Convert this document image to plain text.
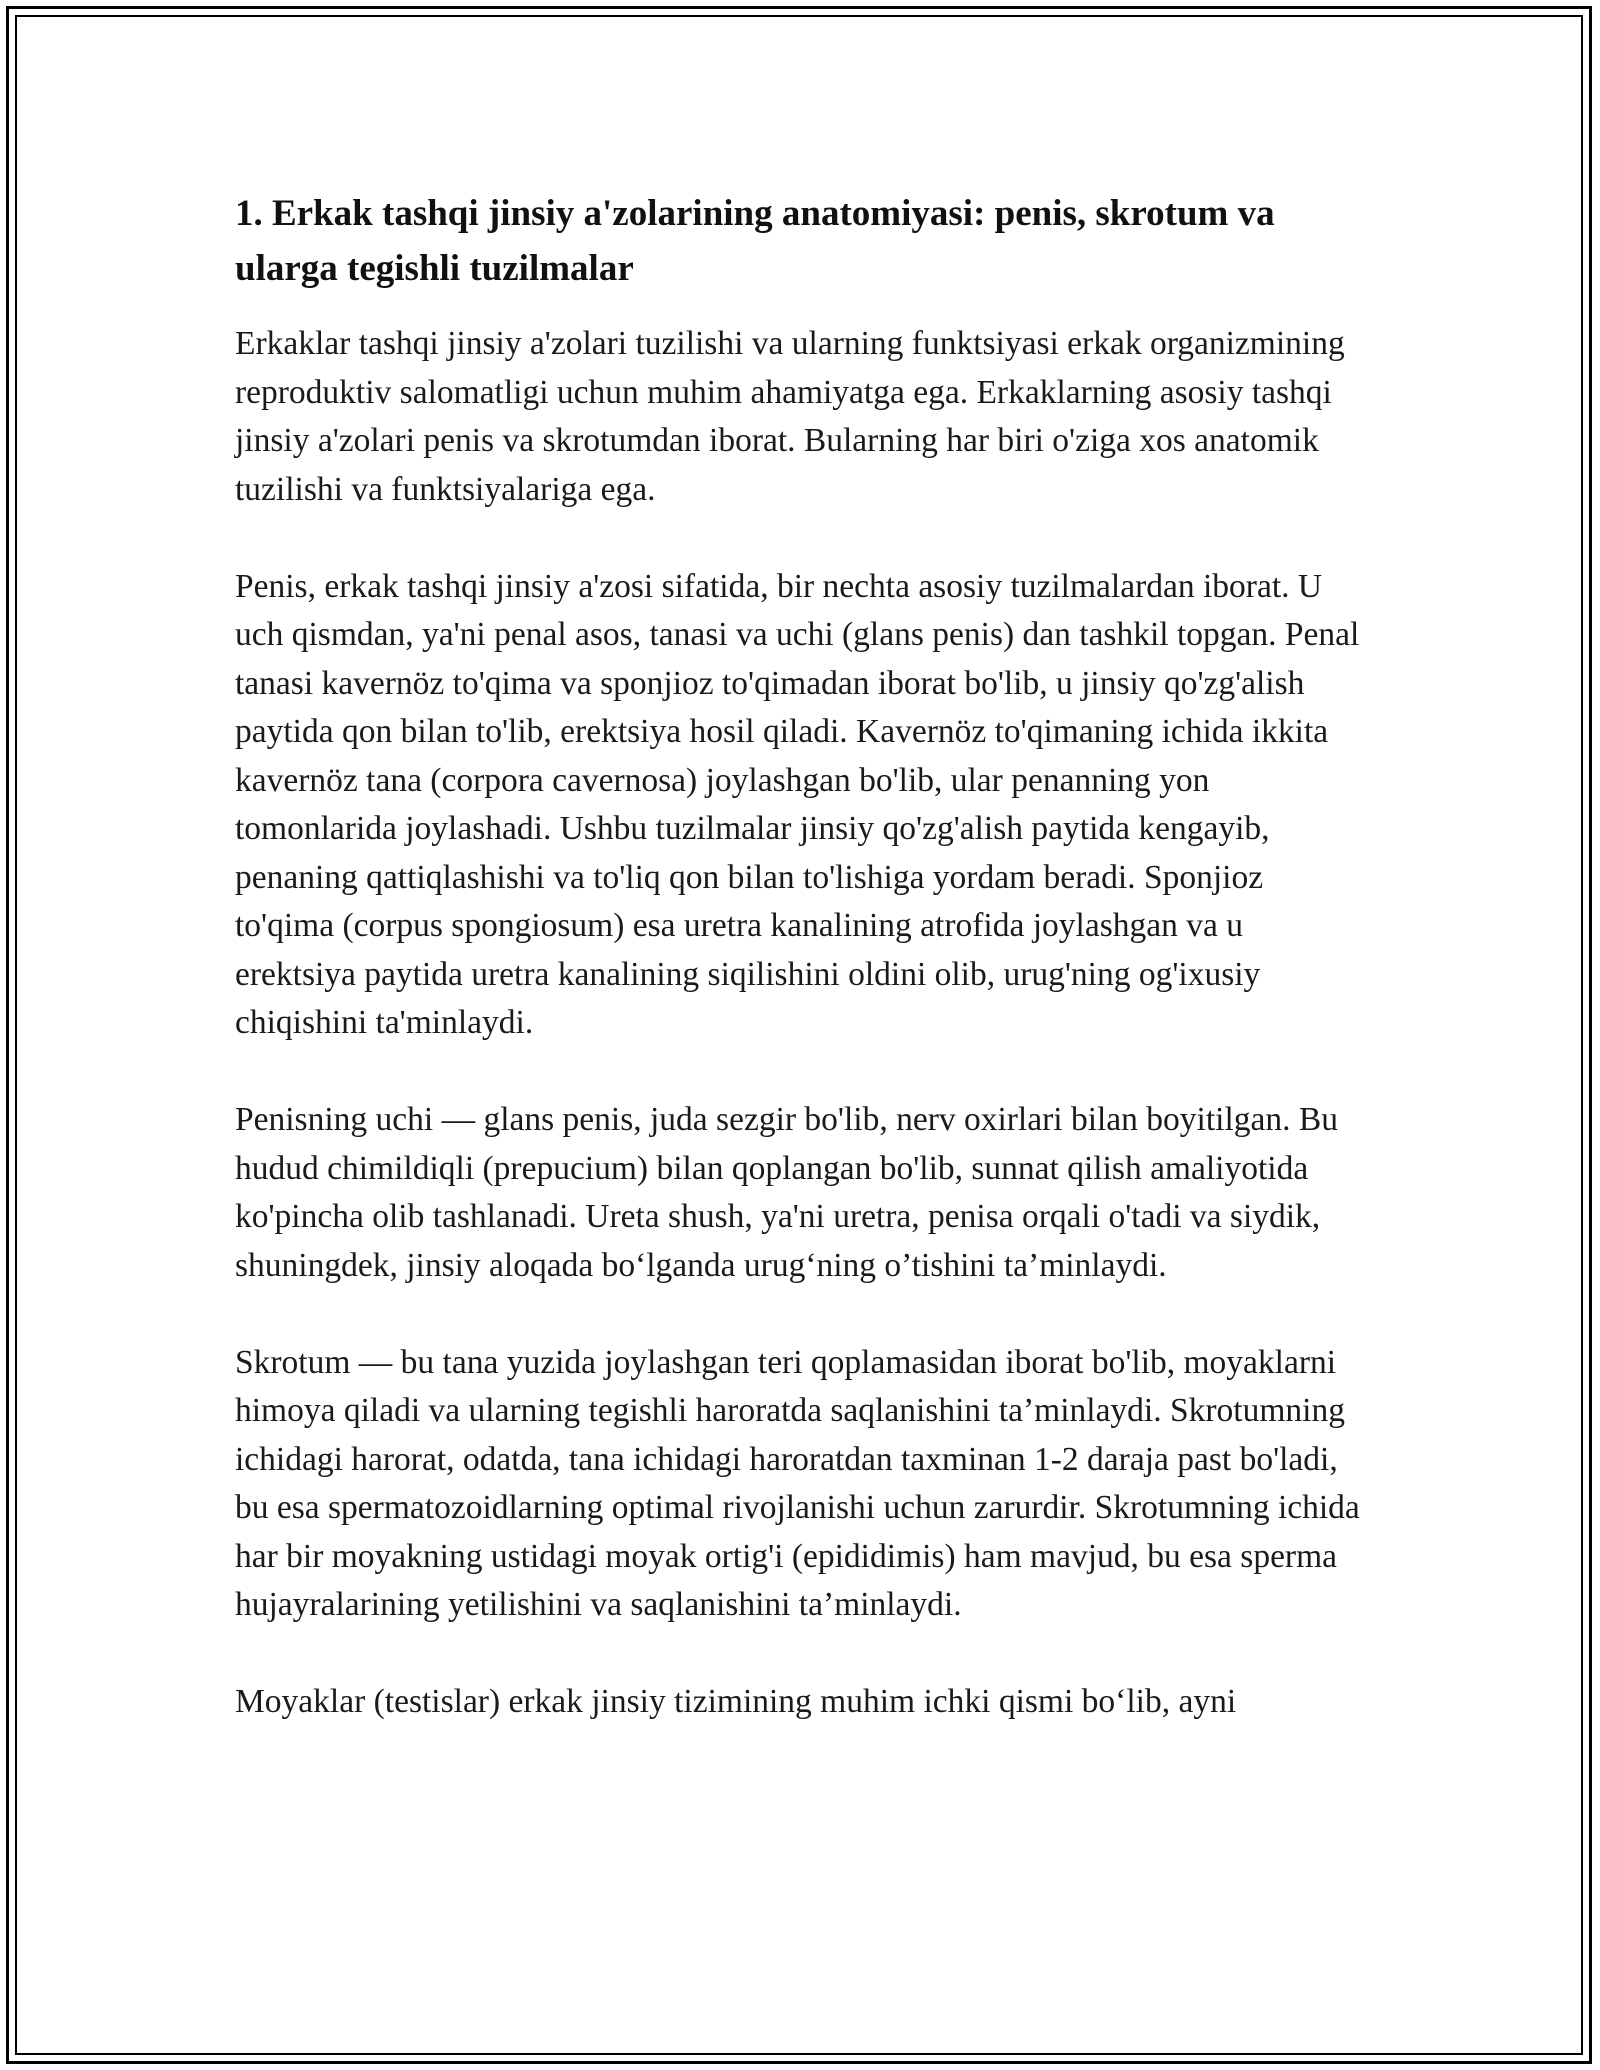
1. Erkak tashqi jinsiy a'zolarining anatomiyasi: penis, skrotum va ularga tegishli tuzilmalar

Erkaklar tashqi jinsiy a'zolari tuzilishi va ularning funktsiyasi erkak organizmining reproduktiv salomatligi uchun muhim ahamiyatga ega. Erkaklarning asosiy tashqi jinsiy a'zolari penis va skrotumdan iborat. Bularning har biri o'ziga xos anatomik tuzilishi va funktsiyalariga ega.

Penis, erkak tashqi jinsiy a'zosi sifatida, bir nechta asosiy tuzilmalardan iborat. U uch qismdan, ya'ni penal asos, tanasi va uchi (glans penis) dan tashkil topgan. Penal tanasi kavernöz to'qima va sponjioz to'qimadan iborat bo'lib, u jinsiy qo'zg'alish paytida qon bilan to'lib, erektsiya hosil qiladi. Kavernöz to'qimaning ichida ikkita kavernöz tana (corpora cavernosa) joylashgan bo'lib, ular penanning yon tomonlarida joylashadi. Ushbu tuzilmalar jinsiy qo'zg'alish paytida kengayib, penaning qattiqlashishi va to'liq qon bilan to'lishiga yordam beradi. Sponjioz to'qima (corpus spongiosum) esa uretra kanalining atrofida joylashgan va u erektsiya paytida uretra kanalining siqilishini oldini olib, urug'ning og'ixusiy chiqishini ta'minlaydi.

Penisning uchi — glans penis, juda sezgir bo'lib, nerv oxirlari bilan boyitilgan. Bu hudud chimildiqli (prepucium) bilan qoplangan bo'lib, sunnat qilish amaliyotida ko'pincha olib tashlanadi. Ureta shush, ya'ni uretra, penisa orqali o'tadi va siydik, shuningdek, jinsiy aloqada bo‘lganda urug‘ning o’tishini ta’minlaydi.

Skrotum — bu tana yuzida joylashgan teri qoplamasidan iborat bo'lib, moyaklarni himoya qiladi va ularning tegishli haroratda saqlanishini ta’minlaydi. Skrotumning ichidagi harorat, odatda, tana ichidagi haroratdan taxminan 1-2 daraja past bo'ladi, bu esa spermatozoidlarning optimal rivojlanishi uchun zarurdir. Skrotumning ichida har bir moyakning ustidagi moyak ortig'i (epididimis) ham mavjud, bu esa sperma hujayralarining yetilishini va saqlanishini ta’minlaydi.

Moyaklar (testislar) erkak jinsiy tizimining muhim ichki qismi bo‘lib, ayni
